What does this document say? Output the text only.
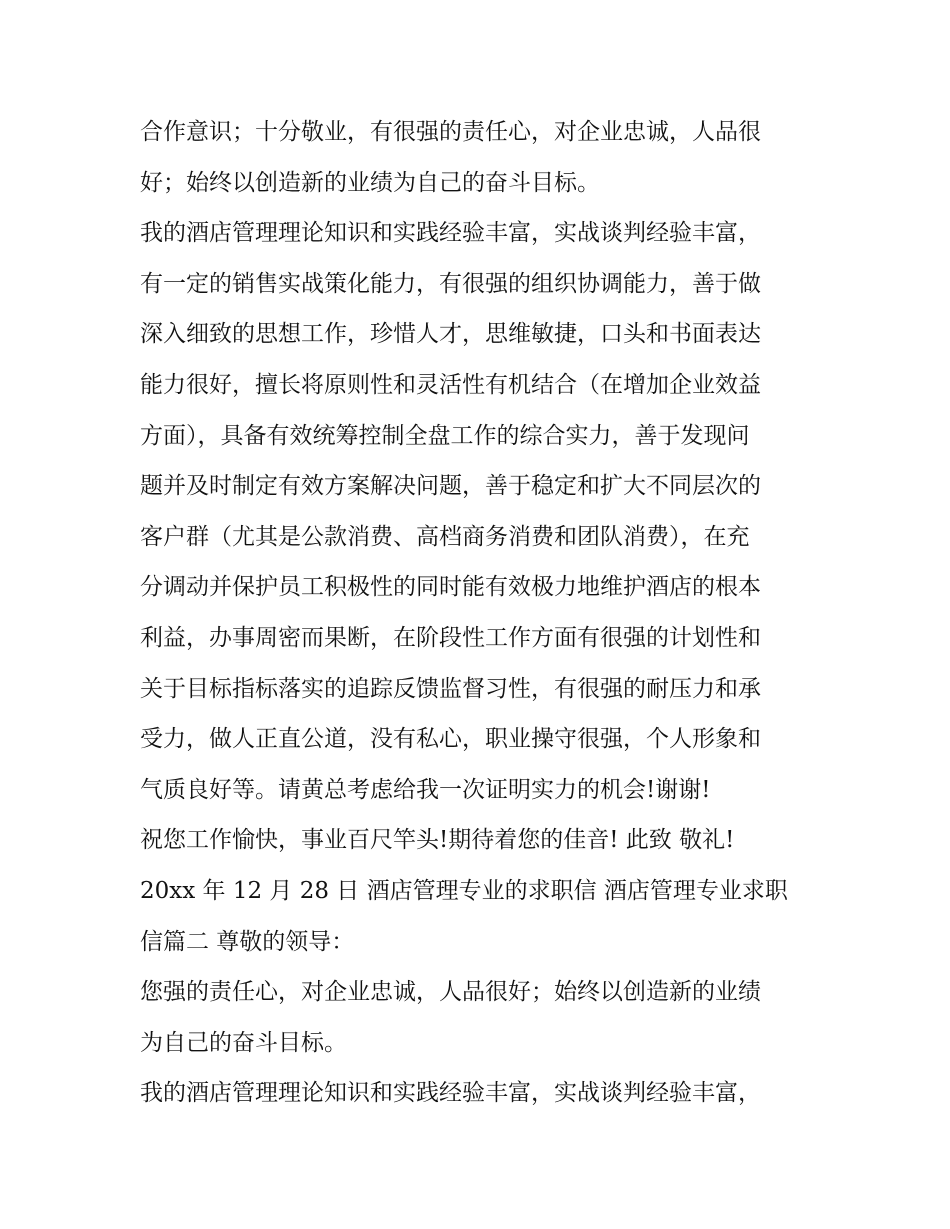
合作意识；十分敬业，有很强的责任心，对企业忠诚，人品很
好；始终以创造新的业绩为自己的奋斗目标。
我的酒店管理理论知识和实践经验丰富，实战谈判经验丰富，
有一定的销售实战策化能力，有很强的组织协调能力，善于做
深入细致的思想工作，珍惜人才，思维敏捷，口头和书面表达
能力很好，擅长将原则性和灵活性有机结合（在增加企业效益
方面），具备有效统筹控制全盘工作的综合实力，善于发现问
题并及时制定有效方案解决问题，善于稳定和扩大不同层次的
客户群（尤其是公款消费、高档商务消费和团队消费），在充
分调动并保护员工积极性的同时能有效极力地维护酒店的根本
利益，办事周密而果断，在阶段性工作方面有很强的计划性和
关于目标指标落实的追踪反馈监督习性，有很强的耐压力和承
受力，做人正直公道，没有私心，职业操守很强，个人形象和
气质良好等。请黄总考虑给我一次证明实力的机会!谢谢!
祝您工作愉快，事业百尺竿头!期待着您的佳音! 此致 敬礼!
20xx 年 12 月 28 日 酒店管理专业的求职信 酒店管理专业求职
信篇二 尊敬的领导：
您强的责任心，对企业忠诚，人品很好；始终以创造新的业绩
为自己的奋斗目标。
我的酒店管理理论知识和实践经验丰富，实战谈判经验丰富，
